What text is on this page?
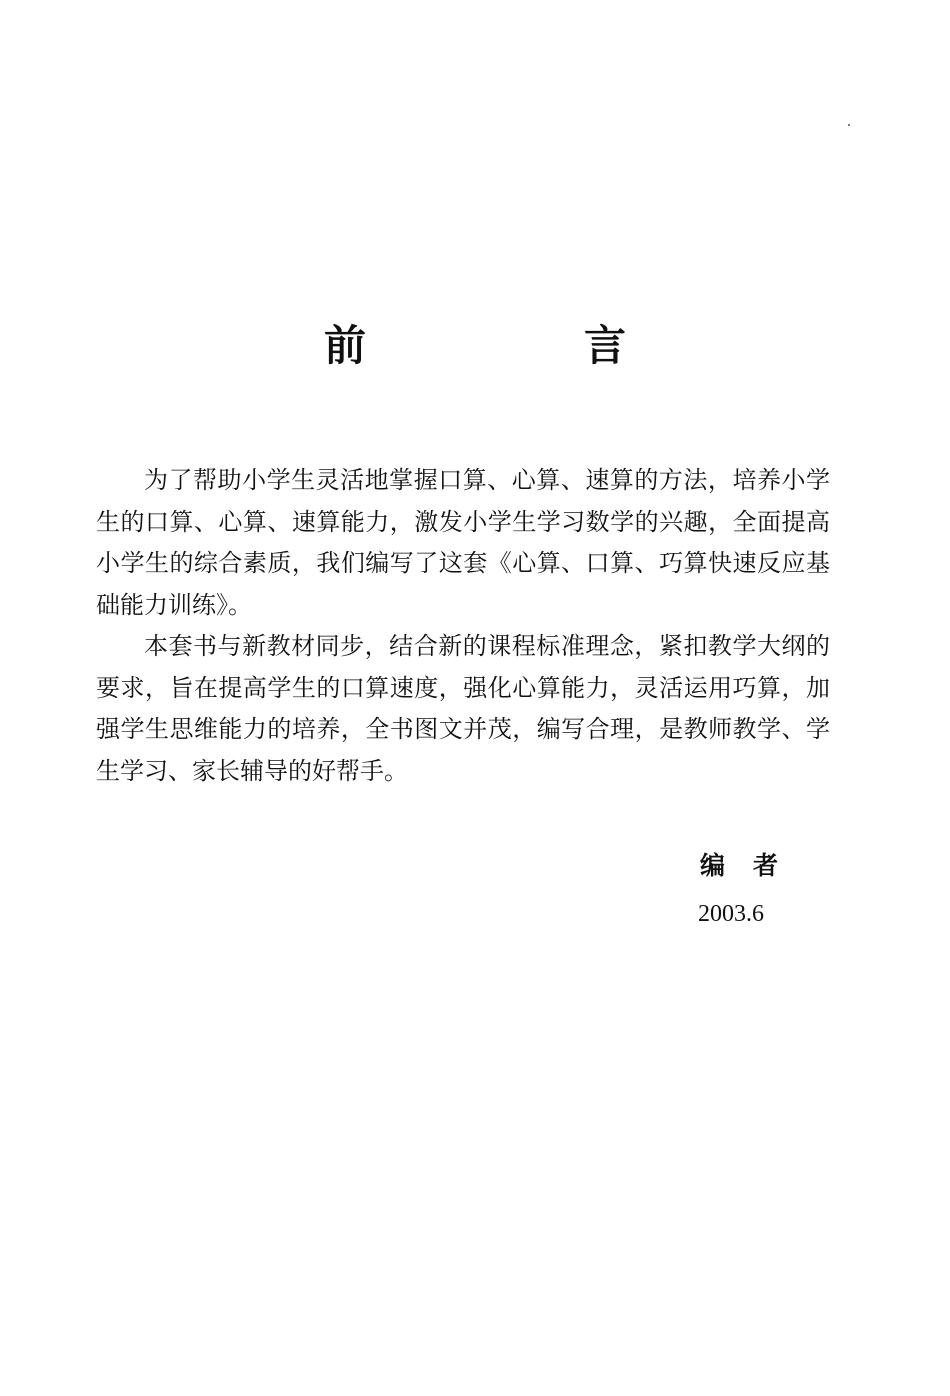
前　言

为了帮助小学生灵活地掌握口算、心算、速算的方法，培养小学生的口算、心算、速算能力，激发小学生学习数学的兴趣，全面提高小学生的综合素质，我们编写了这套《心算、口算、巧算快速反应基础能力训练》。

本套书与新教材同步，结合新的课程标准理念，紧扣教学大纲的要求，旨在提高学生的口算速度，强化心算能力，灵活运用巧算，加强学生思维能力的培养，全书图文并茂，编写合理，是教师教学、学生学习、家长辅导的好帮手。

编者
2003.6
